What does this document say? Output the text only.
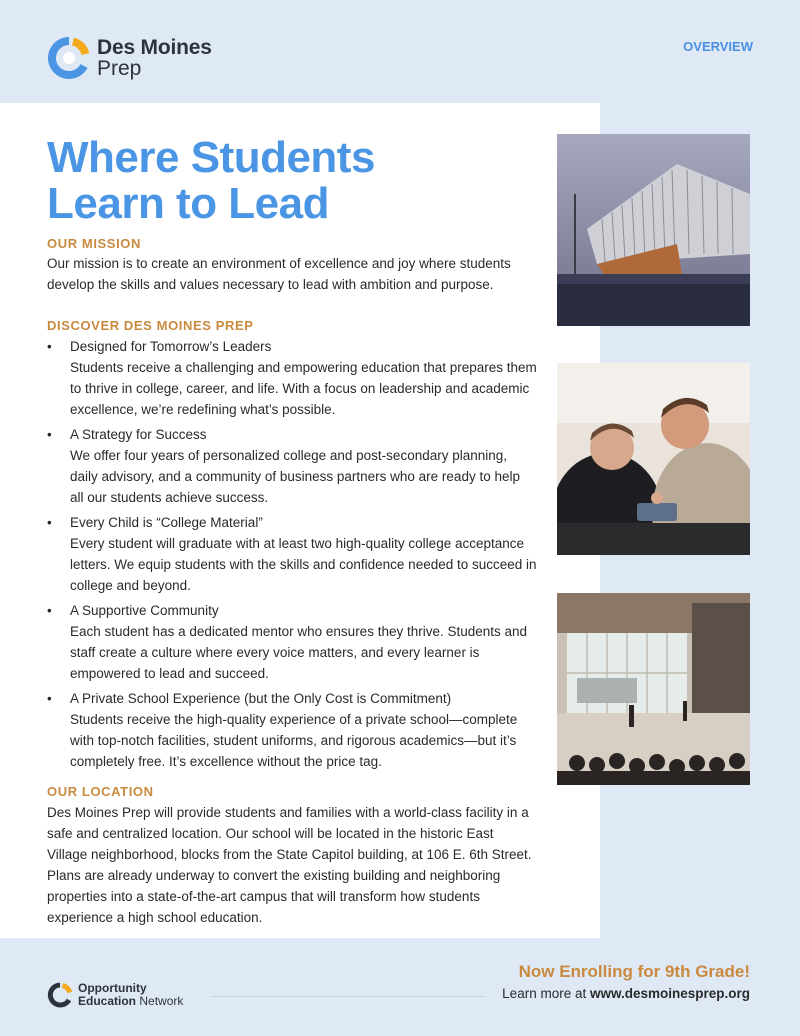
Des Moines
Prep
OVERVIEW
Where Students
Learn to Lead
OUR MISSION

Our mission is to create an environment of excellence and joy where students develop the skills and values necessary to lead with ambition and purpose.

DISCOVER DES MOINES PREP
• Designed for Tomorrow’s Leaders
Students receive a challenging and empowering education that prepares them to thrive in college, career, and life. With a focus on leadership and academic excellence, we’re redefining what’s possible.
• A Strategy for Success
We offer four years of personalized college and post-secondary planning, daily advisory, and a community of business partners who are ready to help all our students achieve success.
• Every Child is “College Material”
Every student will graduate with at least two high-quality college acceptance letters. We equip students with the skills and confidence needed to succeed in college and beyond.
• A Supportive Community
Each student has a dedicated mentor who ensures they thrive. Students and staff create a culture where every voice matters, and every learner is empowered to lead and succeed.
• A Private School Experience (but the Only Cost is Commitment)
Students receive the high-quality experience of a private school—complete with top-notch facilities, student uniforms, and rigorous academics—but it’s completely free. It’s excellence without the price tag.
OUR LOCATION

Des Moines Prep will provide students and families with a world-class facility in a safe and centralized location. Our school will be located in the historic East Village neighborhood, blocks from the State Capitol building, at 106 E. 6th Street. Plans are already underway to convert the existing building and neighboring properties into a state-of-the-art campus that will transform how students experience a high school education.

Opportunity
Education Network

Now Enrolling for 9th Grade!

Learn more at www.desmoinesprep.org
